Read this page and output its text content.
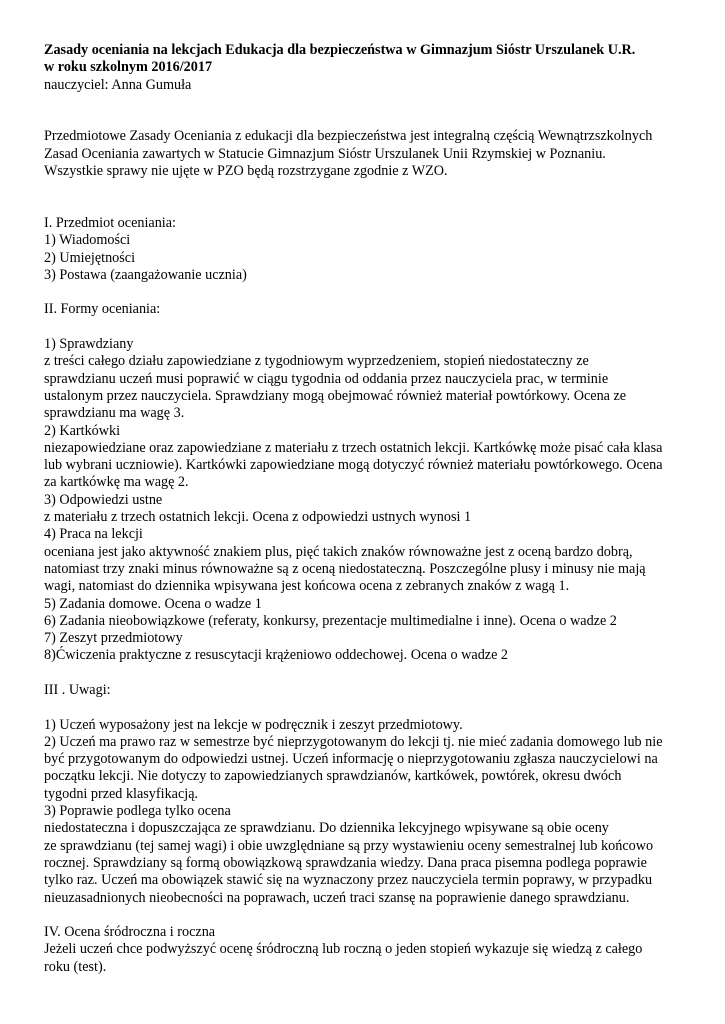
Zasady oceniania na lekcjach Edukacja dla bezpieczeństwa w Gimnazjum Sióstr Urszulanek U.R.
w roku szkolnym 2016/2017
nauczyciel: Anna Gumuła
Przedmiotowe Zasady Oceniania z edukacji dla bezpieczeństwa jest integralną częścią Wewnątrzszkolnych
Zasad Oceniania zawartych w Statucie Gimnazjum Sióstr Urszulanek Unii Rzymskiej w Poznaniu.
Wszystkie sprawy nie ujęte w PZO będą rozstrzygane zgodnie z WZO.
I. Przedmiot oceniania:
1) Wiadomości
2) Umiejętności
3) Postawa (zaangażowanie ucznia)
II. Formy oceniania:
1) Sprawdziany
z treści całego działu zapowiedziane z tygodniowym wyprzedzeniem, stopień niedostateczny ze
sprawdzianu uczeń musi poprawić w ciągu tygodnia od oddania przez nauczyciela prac, w terminie
ustalonym przez nauczyciela. Sprawdziany mogą obejmować również materiał powtórkowy. Ocena ze
sprawdzianu ma wagę 3.
2) Kartkówki
niezapowiedziane oraz zapowiedziane z materiału z trzech ostatnich lekcji. Kartkówkę może pisać cała klasa
lub wybrani uczniowie). Kartkówki zapowiedziane mogą dotyczyć również materiału powtórkowego. Ocena
za kartkówkę ma wagę 2.
3) Odpowiedzi ustne
z materiału z trzech ostatnich lekcji. Ocena z odpowiedzi ustnych wynosi 1
4) Praca na lekcji
oceniana jest jako aktywność znakiem plus, pięć takich znaków równoważne jest z oceną bardzo dobrą,
natomiast trzy znaki minus równoważne są z oceną niedostateczną. Poszczególne plusy i minusy nie mają
wagi, natomiast do dziennika wpisywana jest końcowa ocena z zebranych znaków z wagą 1.
5) Zadania domowe. Ocena o wadze 1
6) Zadania nieobowiązkowe (referaty, konkursy, prezentacje multimedialne i inne). Ocena o wadze 2
7) Zeszyt przedmiotowy
8)Ćwiczenia praktyczne z resuscytacji krążeniowo oddechowej. Ocena o wadze 2
III . Uwagi:
1) Uczeń wyposażony jest na lekcje w podręcznik i zeszyt przedmiotowy.
2) Uczeń ma prawo raz w semestrze być nieprzygotowanym do lekcji tj. nie mieć zadania domowego lub nie
być przygotowanym do odpowiedzi ustnej. Uczeń informację o nieprzygotowaniu zgłasza nauczycielowi na
początku lekcji. Nie dotyczy to zapowiedzianych sprawdzianów, kartkówek, powtórek, okresu dwóch
tygodni przed klasyfikacją.
3) Poprawie podlega tylko ocena
niedostateczna i dopuszczająca ze sprawdzianu. Do dziennika lekcyjnego wpisywane są obie oceny
ze sprawdzianu (tej samej wagi) i obie uwzględniane są przy wystawieniu oceny semestralnej lub końcowo
rocznej. Sprawdziany są formą obowiązkową sprawdzania wiedzy. Dana praca pisemna podlega poprawie
tylko raz. Uczeń ma obowiązek stawić się na wyznaczony przez nauczyciela termin poprawy, w przypadku
nieuzasadnionych nieobecności na poprawach, uczeń traci szansę na poprawienie danego sprawdzianu.
IV. Ocena śródroczna i roczna
Jeżeli uczeń chce podwyższyć ocenę śródroczną lub roczną o jeden stopień wykazuje się wiedzą z całego
roku (test).
